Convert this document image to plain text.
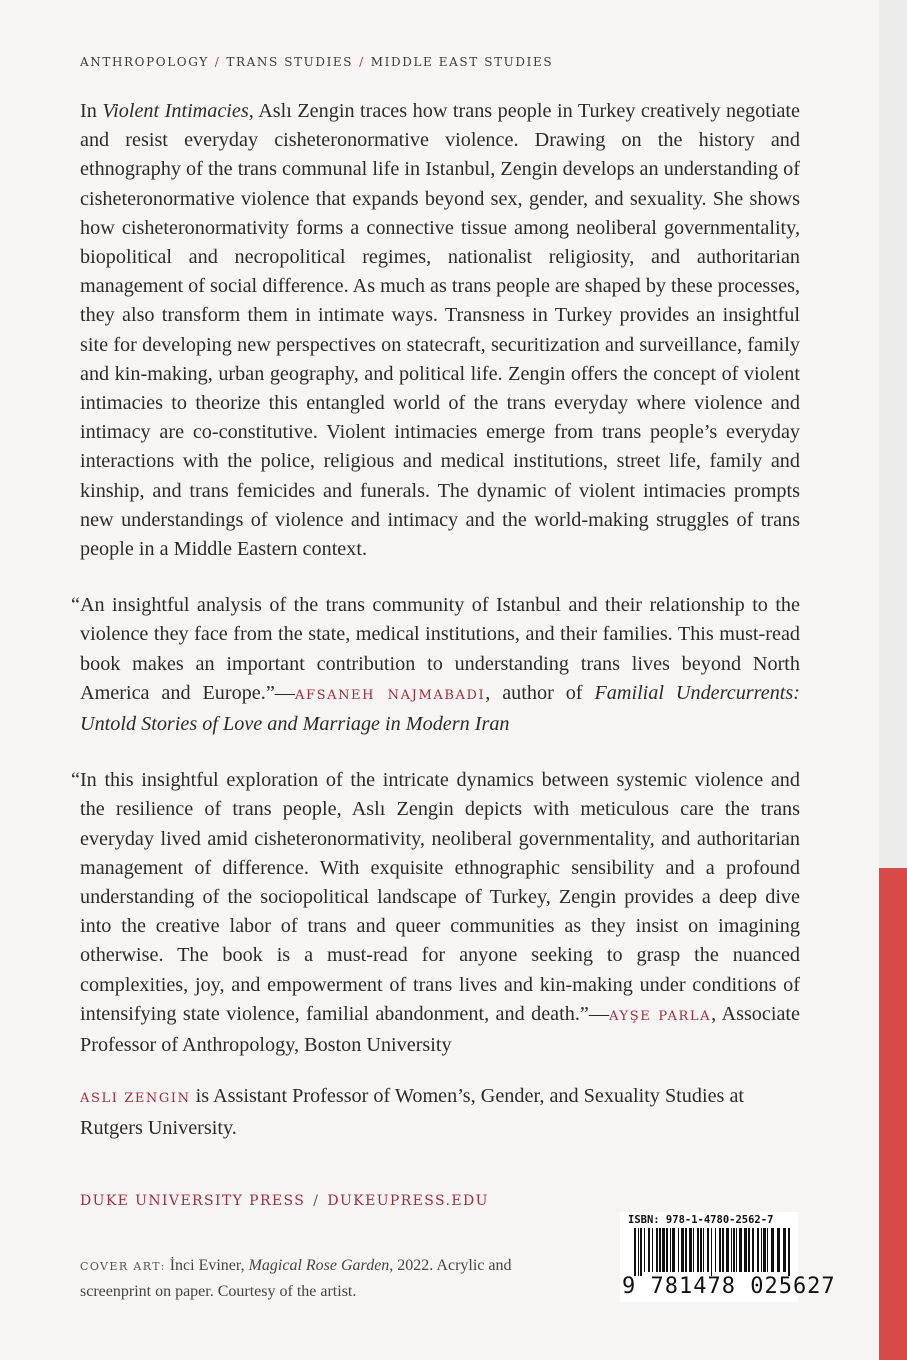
ANTHROPOLOGY / TRANS STUDIES / MIDDLE EAST STUDIES

In Violent Intimacies, Aslı Zengin traces how trans people in Turkey creatively negotiate and resist everyday cisheteronormative violence. Drawing on the history and ethnography of the trans communal life in Istanbul, Zengin develops an understanding of cisheteronormative violence that expands beyond sex, gender, and sexuality. She shows how cisheteronormativity forms a connective tissue among neoliberal governmentality, biopolitical and necropolitical regimes, nationalist religiosity, and authoritarian management of social difference. As much as trans people are shaped by these processes, they also transform them in intimate ways. Transness in Turkey provides an insightful site for developing new perspectives on statecraft, securitization and surveillance, family and kin-making, urban geography, and political life. Zengin offers the concept of violent intimacies to theorize this entangled world of the trans everyday where violence and intimacy are co-constitutive. Violent intimacies emerge from trans people’s everyday interactions with the police, religious and medical institutions, street life, family and kinship, and trans femicides and funerals. The dynamic of violent intimacies prompts new understandings of violence and intimacy and the world-making struggles of trans people in a Middle Eastern context.

“An insightful analysis of the trans community of Istanbul and their relationship to the violence they face from the state, medical institutions, and their families. This must-read book makes an important contribution to understanding trans lives beyond North America and Europe.”—AFSANEH NAJMABADI, author of Familial Undercurrents: Untold Stories of Love and Marriage in Modern Iran

“In this insightful exploration of the intricate dynamics between systemic violence and the resilience of trans people, Aslı Zengin depicts with meticulous care the trans everyday lived amid cisheteronormativity, neoliberal governmentality, and authoritarian management of difference. With exquisite ethnographic sensibility and a profound understanding of the sociopolitical landscape of Turkey, Zengin provides a deep dive into the creative labor of trans and queer communities as they insist on imagining otherwise. The book is a must-read for anyone seeking to grasp the nuanced complexities, joy, and empowerment of trans lives and kin-making under conditions of intensifying state violence, familial abandonment, and death.”—AYŞE PARLA, Associate Professor of Anthropology, Boston University

ASLI ZENGIN is Assistant Professor of Women’s, Gender, and Sexuality Studies at Rutgers University.

DUKE UNIVERSITY PRESS / DUKEUPRESS.EDU
COVER ART: İnci Eviner, Magical Rose Garden, 2022. Acrylic and screenprint on paper. Courtesy of the artist.
ISBN: 978-1-4780-2562-7
9 781478 025627
